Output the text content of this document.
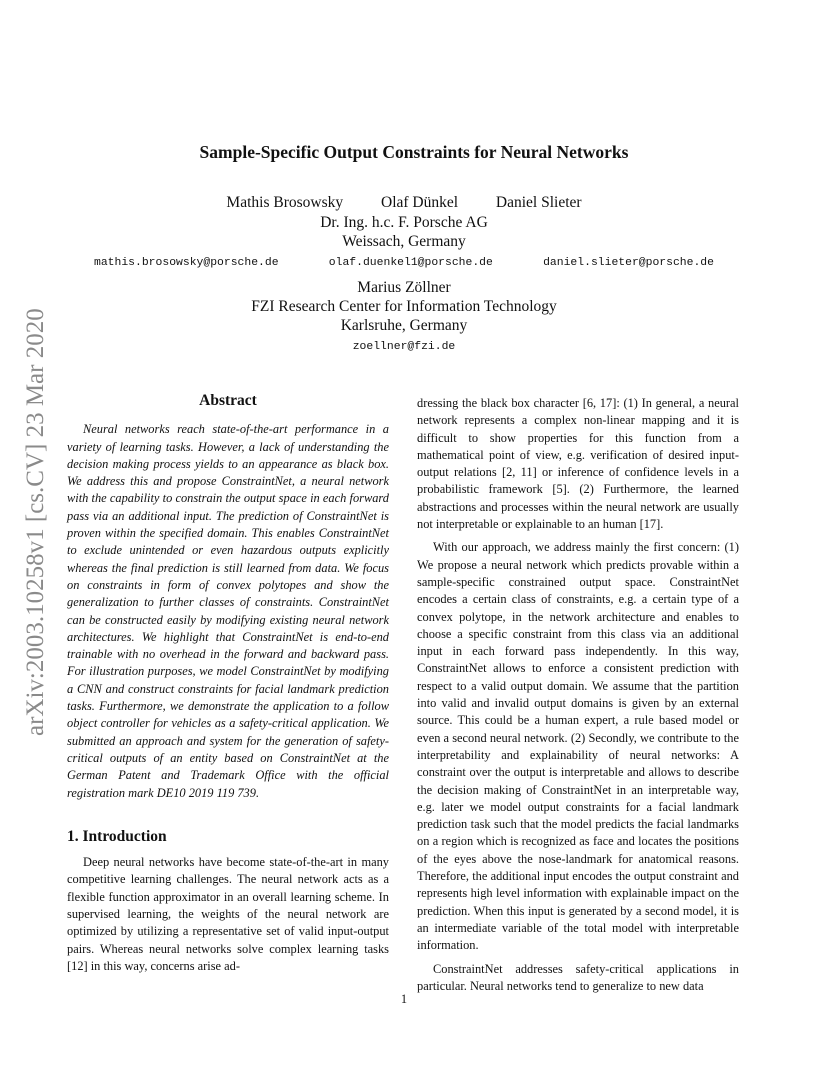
arXiv:2003.10258v1 [cs.CV] 23 Mar 2020
Sample-Specific Output Constraints for Neural Networks
Mathis Brosowsky Olaf Dünkel Daniel Slieter
Dr. Ing. h.c. F. Porsche AG
Weissach, Germany
mathis.brosowsky@porsche.de	olaf.duenkel1@porsche.de	daniel.slieter@porsche.de
Marius Zöllner
FZI Research Center for Information Technology
Karlsruhe, Germany
zoellner@fzi.de
Abstract

Neural networks reach state-of-the-art performance in a variety of learning tasks. However, a lack of understanding the decision making process yields to an appearance as black box. We address this and propose ConstraintNet, a neural network with the capability to constrain the output space in each forward pass via an additional input. The prediction of ConstraintNet is proven within the specified domain. This enables ConstraintNet to exclude unintended or even hazardous outputs explicitly whereas the final prediction is still learned from data. We focus on constraints in form of convex polytopes and show the generalization to further classes of constraints. ConstraintNet can be constructed easily by modifying existing neural network architectures. We highlight that ConstraintNet is end-to-end trainable with no overhead in the forward and backward pass. For illustration purposes, we model ConstraintNet by modifying a CNN and construct constraints for facial landmark prediction tasks. Furthermore, we demonstrate the application to a follow object controller for vehicles as a safety-critical application. We submitted an approach and system for the generation of safety-critical outputs of an entity based on ConstraintNet at the German Patent and Trademark Office with the official registration mark DE10 2019 119 739.

1. Introduction

Deep neural networks have become state-of-the-art in many competitive learning challenges. The neural network acts as a flexible function approximator in an overall learning scheme. In supervised learning, the weights of the neural network are optimized by utilizing a representative set of valid input-output pairs. Whereas neural networks solve complex learning tasks [12] in this way, concerns arise ad-

dressing the black box character [6, 17]: (1) In general, a neural network represents a complex non-linear mapping and it is difficult to show properties for this function from a mathematical point of view, e.g. verification of desired input-output relations [2, 11] or inference of confidence levels in a probabilistic framework [5]. (2) Furthermore, the learned abstractions and processes within the neural network are usually not interpretable or explainable to an human [17].

With our approach, we address mainly the first concern: (1) We propose a neural network which predicts provable within a sample-specific constrained output space. ConstraintNet encodes a certain class of constraints, e.g. a certain type of a convex polytope, in the network architecture and enables to choose a specific constraint from this class via an additional input in each forward pass independently. In this way, ConstraintNet allows to enforce a consistent prediction with respect to a valid output domain. We assume that the partition into valid and invalid output domains is given by an external source. This could be a human expert, a rule based model or even a second neural network. (2) Secondly, we contribute to the interpretability and explainability of neural networks: A constraint over the output is interpretable and allows to describe the decision making of ConstraintNet in an interpretable way, e.g. later we model output constraints for a facial landmark prediction task such that the model predicts the facial landmarks on a region which is recognized as face and locates the positions of the eyes above the nose-landmark for anatomical reasons. Therefore, the additional input encodes the output constraint and represents high level information with explainable impact on the prediction. When this input is generated by a second model, it is an intermediate variable of the total model with interpretable information.

ConstraintNet addresses safety-critical applications in particular. Neural networks tend to generalize to new data

1
